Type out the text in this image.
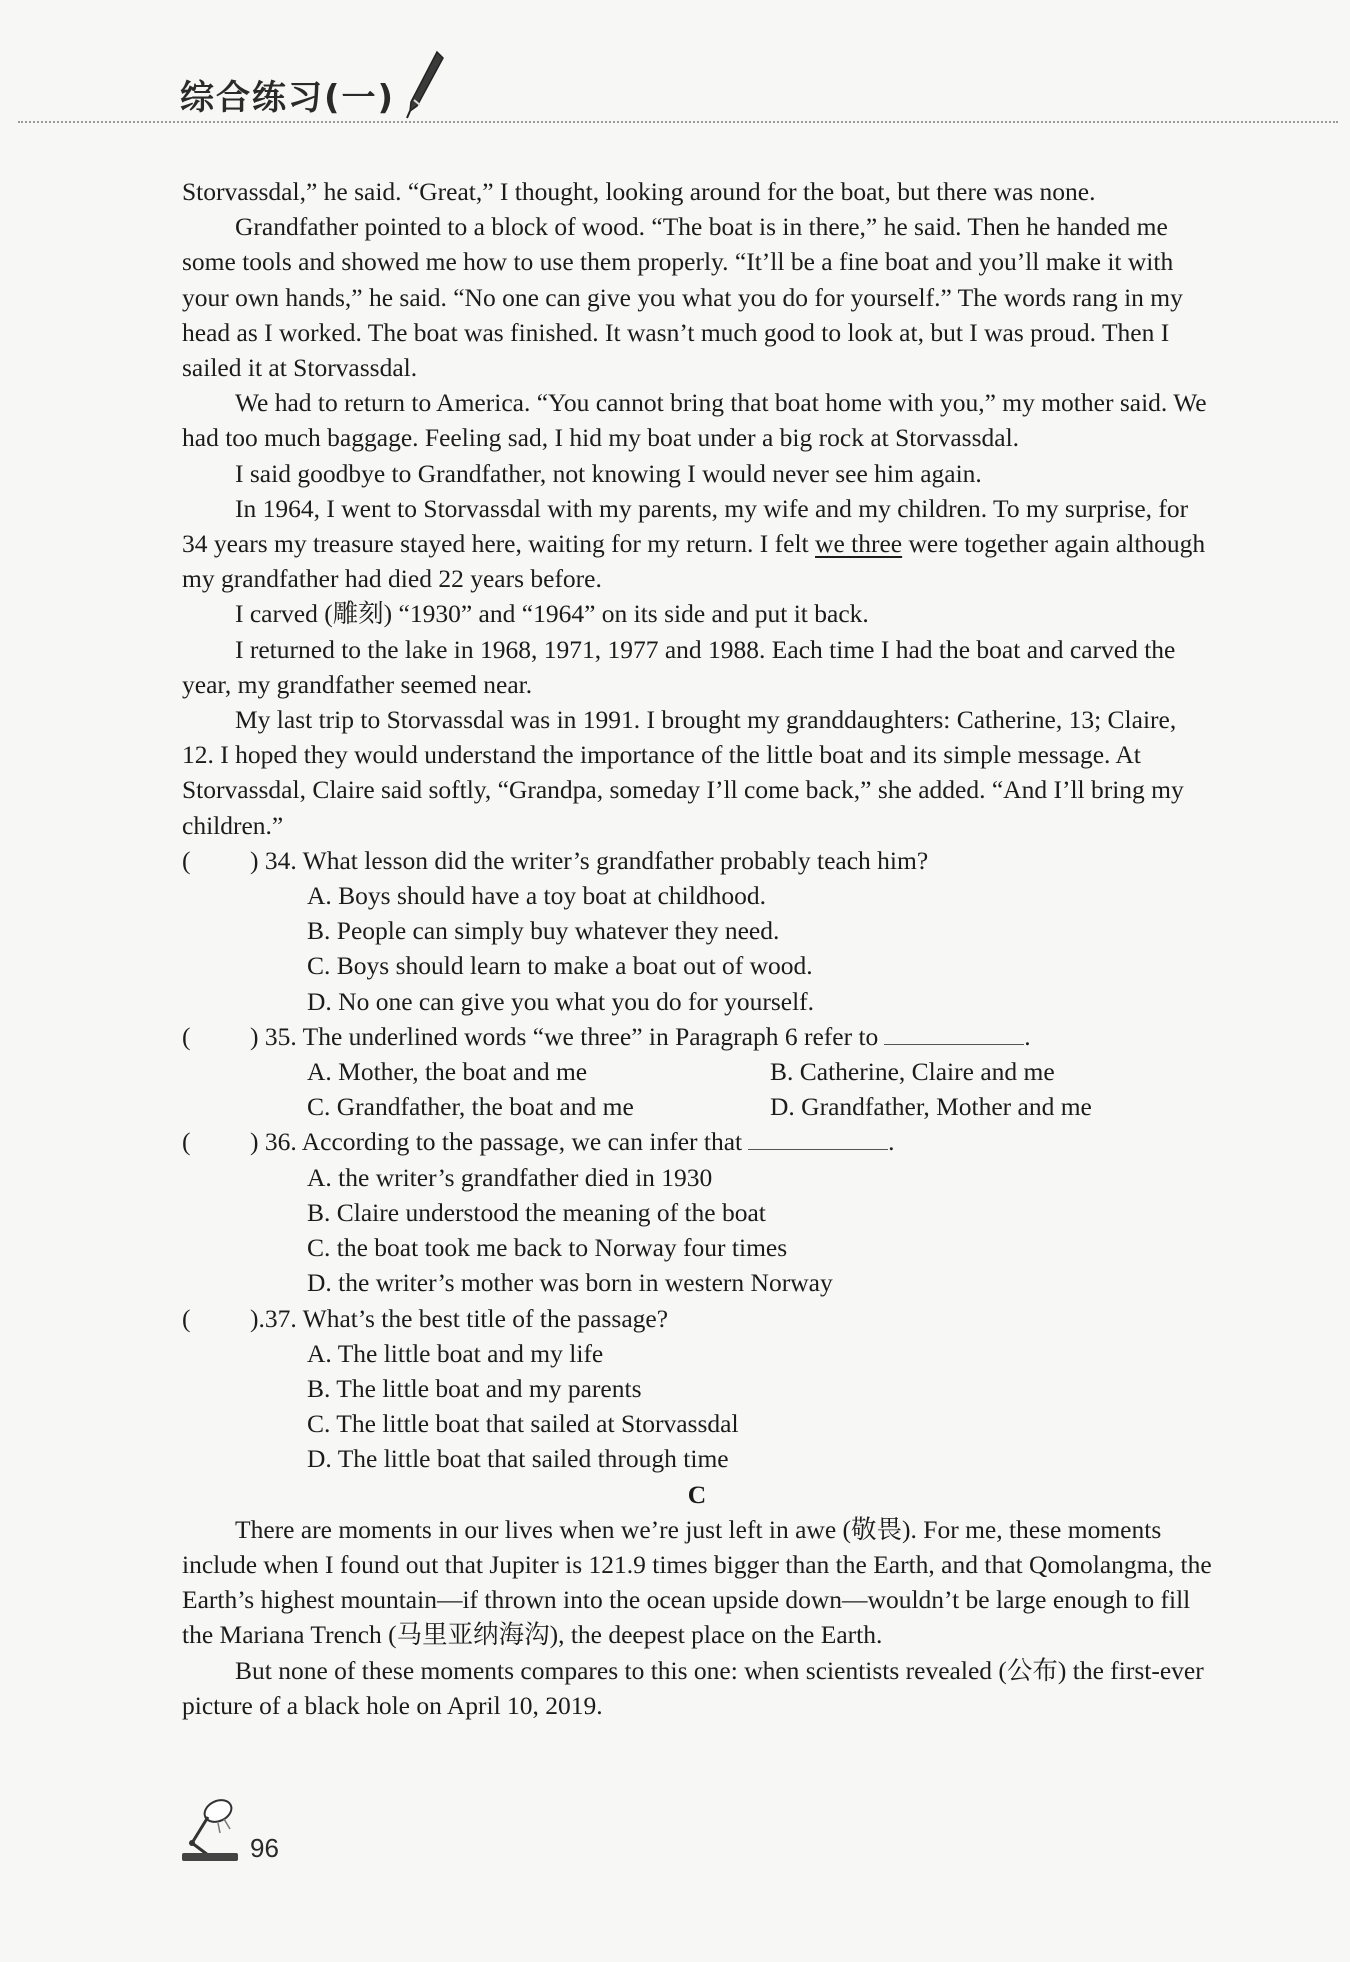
综合练习(一)

Storvassdal,” he said. “Great,” I thought, looking around for the boat, but there was none.

Grandfather pointed to a block of wood. “The boat is in there,” he said. Then he handed me some tools and showed me how to use them properly. “It’ll be a fine boat and you’ll make it with your own hands,” he said. “No one can give you what you do for yourself.” The words rang in my head as I worked. The boat was finished. It wasn’t much good to look at, but I was proud. Then I sailed it at Storvassdal.

We had to return to America. “You cannot bring that boat home with you,” my mother said. We had too much baggage. Feeling sad, I hid my boat under a big rock at Storvassdal.

I said goodbye to Grandfather, not knowing I would never see him again.

In 1964, I went to Storvassdal with my parents, my wife and my children. To my surprise, for 34 years my treasure stayed here, waiting for my return. I felt we three were together again although my grandfather had died 22 years before.

I carved (雕刻) “1930” and “1964” on its side and put it back.

I returned to the lake in 1968, 1971, 1977 and 1988. Each time I had the boat and carved the year, my grandfather seemed near.

My last trip to Storvassdal was in 1991. I brought my granddaughters: Catherine, 13; Claire, 12. I hoped they would understand the importance of the little boat and its simple message. At Storvassdal, Claire said softly, “Grandpa, someday I’ll come back,” she added. “And I’ll bring my children.”

( ) 34. What lesson did the writer’s grandfather probably teach him?

A. Boys should have a toy boat at childhood.

B. People can simply buy whatever they need.

C. Boys should learn to make a boat out of wood.

D. No one can give you what you do for yourself.

( ) 35. The underlined words “we three” in Paragraph 6 refer to	.

A. Mother, the boat and me	B. Catherine, Claire and me
C. Grandfather, the boat and me	D. Grandfather, Mother and me

( ) 36. According to the passage, we can infer that	.

A. the writer’s grandfather died in 1930

B. Claire understood the meaning of the boat

C. the boat took me back to Norway four times

D. the writer’s mother was born in western Norway

( ).37. What’s the best title of the passage?

A. The little boat and my life

B. The little boat and my parents

C. The little boat that sailed at Storvassdal

D. The little boat that sailed through time

C

There are moments in our lives when we’re just left in awe (敬畏). For me, these moments include when I found out that Jupiter is 121.9 times bigger than the Earth, and that Qomolangma, the Earth’s highest mountain—if thrown into the ocean upside down—wouldn’t be large enough to fill the Mariana Trench (马里亚纳海沟), the deepest place on the Earth.

But none of these moments compares to this one: when scientists revealed (公布) the first-ever picture of a black hole on April 10, 2019.

96
